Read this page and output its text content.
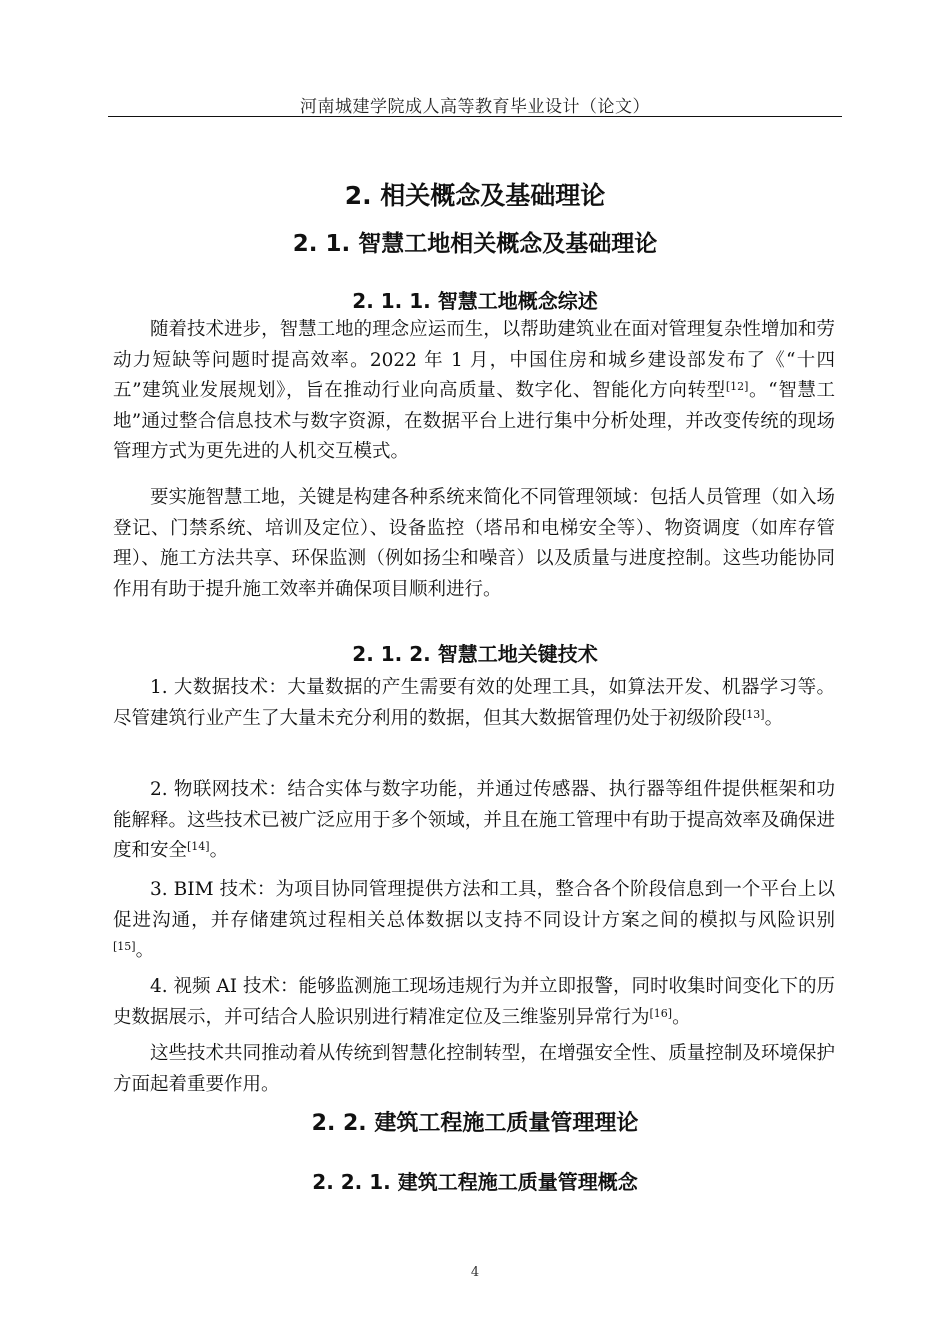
河南城建学院成人高等教育毕业设计（论文）
2. 相关概念及基础理论
2. 1. 智慧工地相关概念及基础理论
2. 1. 1. 智慧工地概念综述

随着技术进步，智慧工地的理念应运而生，以帮助建筑业在面对管理复杂性增加和劳动力短缺等问题时提高效率。2022 年 1 月，中国住房和城乡建设部发布了《“十四五”建筑业发展规划》，旨在推动行业向高质量、数字化、智能化方向转型[12]。“智慧工地”通过整合信息技术与数字资源，在数据平台上进行集中分析处理，并改变传统的现场管理方式为更先进的人机交互模式。

要实施智慧工地，关键是构建各种系统来简化不同管理领域：包括人员管理（如入场登记、门禁系统、培训及定位）、设备监控（塔吊和电梯安全等）、物资调度（如库存管理）、施工方法共享、环保监测（例如扬尘和噪音）以及质量与进度控制。这些功能协同作用有助于提升施工效率并确保项目顺利进行。

2. 1. 2. 智慧工地关键技术

1. 大数据技术：大量数据的产生需要有效的处理工具，如算法开发、机器学习等。尽管建筑行业产生了大量未充分利用的数据，但其大数据管理仍处于初级阶段[13]。

2. 物联网技术：结合实体与数字功能，并通过传感器、执行器等组件提供框架和功能解释。这些技术已被广泛应用于多个领域，并且在施工管理中有助于提高效率及确保进度和安全[14]。

3. BIM 技术：为项目协同管理提供方法和工具，整合各个阶段信息到一个平台上以促进沟通，并存储建筑过程相关总体数据以支持不同设计方案之间的模拟与风险识别[15]。

4. 视频 AI 技术：能够监测施工现场违规行为并立即报警，同时收集时间变化下的历史数据展示，并可结合人脸识别进行精准定位及三维鉴别异常行为[16]。

这些技术共同推动着从传统到智慧化控制转型，在增强安全性、质量控制及环境保护方面起着重要作用。

2. 2. 建筑工程施工质量管理理论
2. 2. 1. 建筑工程施工质量管理概念
4
